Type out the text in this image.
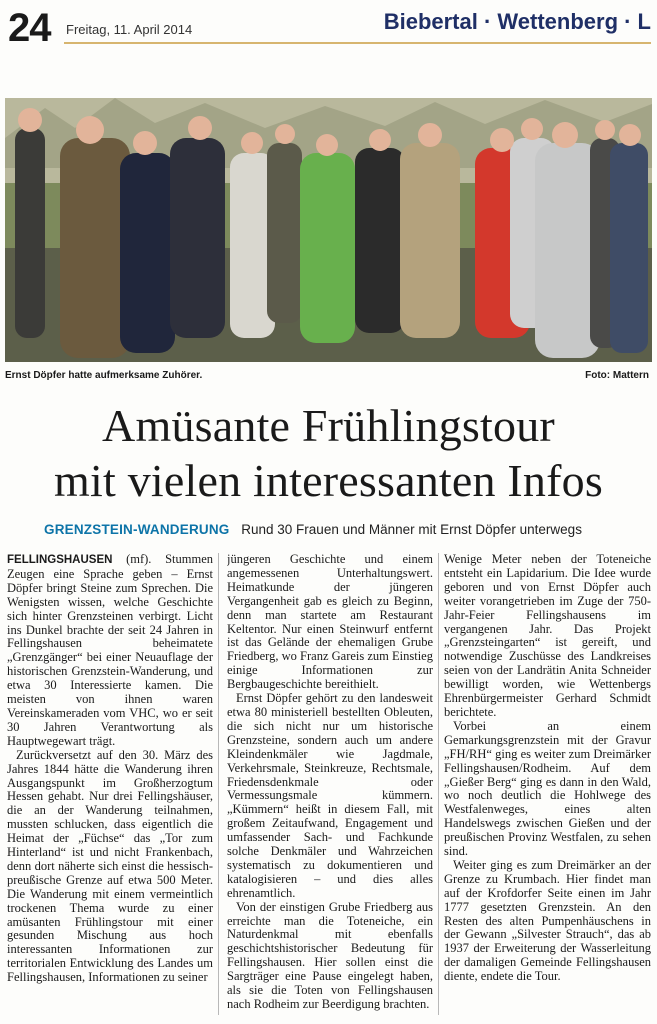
24 Freitag, 11. April 2014	Biebertal · Wettenberg · L
Ernst Döpfer hatte aufmerksame Zuhörer.	Foto: Mattern
Amüsante Frühlingstour
mit vielen interessanten Infos
GRENZSTEIN-WANDERUNG Rund 30 Frauen und Männer mit Ernst Döpfer unterwegs

FELLINGSHAUSEN (mf). Stummen Zeugen eine Sprache geben – Ernst Döpfer bringt Steine zum Sprechen. Die Wenigsten wissen, welche Geschichte sich hinter Grenzsteinen verbirgt. Licht ins Dunkel brachte der seit 24 Jahren in Fellingshausen beheimatete „Grenzgänger“ bei einer Neuauflage der historischen Grenzstein-Wanderung, und etwa 30 Interessierte kamen. Die meisten von ihnen waren Vereinskameraden vom VHC, wo er seit 30 Jahren Verantwortung als Hauptwegewart trägt.

Zurückversetzt auf den 30. März des Jahres 1844 hätte die Wanderung ihren Ausgangspunkt im Großherzogtum Hessen gehabt. Nur drei Fellingshäuser, die an der Wanderung teilnahmen, mussten schlucken, dass eigentlich die Heimat der „Füchse“ das „Tor zum Hinterland“ ist und nicht Frankenbach, denn dort näherte sich einst die hessisch-preußische Grenze auf etwa 500 Meter. Die Wanderung mit einem vermeintlich trockenen Thema wurde zu einer amüsanten Frühlingstour mit einer gesunden Mischung aus hoch interessanten Informationen zur territorialen Entwicklung des Landes um Fellingshausen, Informationen zu seiner

jüngeren Geschichte und einem angemessenen Unterhaltungswert. Heimatkunde der jüngeren Vergangenheit gab es gleich zu Beginn, denn man startete am Restaurant Keltentor. Nur einen Steinwurf entfernt ist das Gelände der ehemaligen Grube Friedberg, wo Franz Gareis zum Einstieg einige Informationen zur Bergbaugeschichte bereithielt.

Ernst Döpfer gehört zu den landesweit etwa 80 ministeriell bestellten Obleuten, die sich nicht nur um historische Grenzsteine, sondern auch um andere Kleindenkmäler wie Jagdmale, Verkehrsmale, Steinkreuze, Rechtsmale, Friedensdenkmale oder Vermessungsmale kümmern. „Kümmern“ heißt in diesem Fall, mit großem Zeitaufwand, Engagement und umfassender Sach- und Fachkunde solche Denkmäler und Wahrzeichen systematisch zu dokumentieren und katalogisieren – und dies alles ehrenamtlich.

Von der einstigen Grube Friedberg aus erreichte man die Toteneiche, ein Naturdenkmal mit ebenfalls geschichtshistorischer Bedeutung für Fellingshausen. Hier sollen einst die Sargträger eine Pause eingelegt haben, als sie die Toten von Fellingshausen nach Rodheim zur Beerdigung brachten.

Wenige Meter neben der Toteneiche entsteht ein Lapidarium. Die Idee wurde geboren und von Ernst Döpfer auch weiter vorangetrieben im Zuge der 750-Jahr-Feier Fellingshausens im vergangenen Jahr. Das Projekt „Grenzsteingarten“ ist gereift, und notwendige Zuschüsse des Landkreises seien von der Landrätin Anita Schneider bewilligt worden, wie Wettenbergs Ehrenbürgermeister Gerhard Schmidt berichtete.

Vorbei an einem Gemarkungsgrenzstein mit der Gravur „FH/RH“ ging es weiter zum Dreimärker Fellingshausen/Rodheim. Auf dem „Gießer Berg“ ging es dann in den Wald, wo noch deutlich die Hohlwege des Westfalenweges, eines alten Handelswegs zwischen Gießen und der preußischen Provinz Westfalen, zu sehen sind.

Weiter ging es zum Dreimärker an der Grenze zu Krumbach. Hier findet man auf der Krofdorfer Seite einen im Jahr 1777 gesetzten Grenzstein. An den Resten des alten Pumpenhäuschens in der Gewann „Silvester Strauch“, das ab 1937 der Erweiterung der Wasserleitung der damaligen Gemeinde Fellingshausen diente, endete die Tour.
